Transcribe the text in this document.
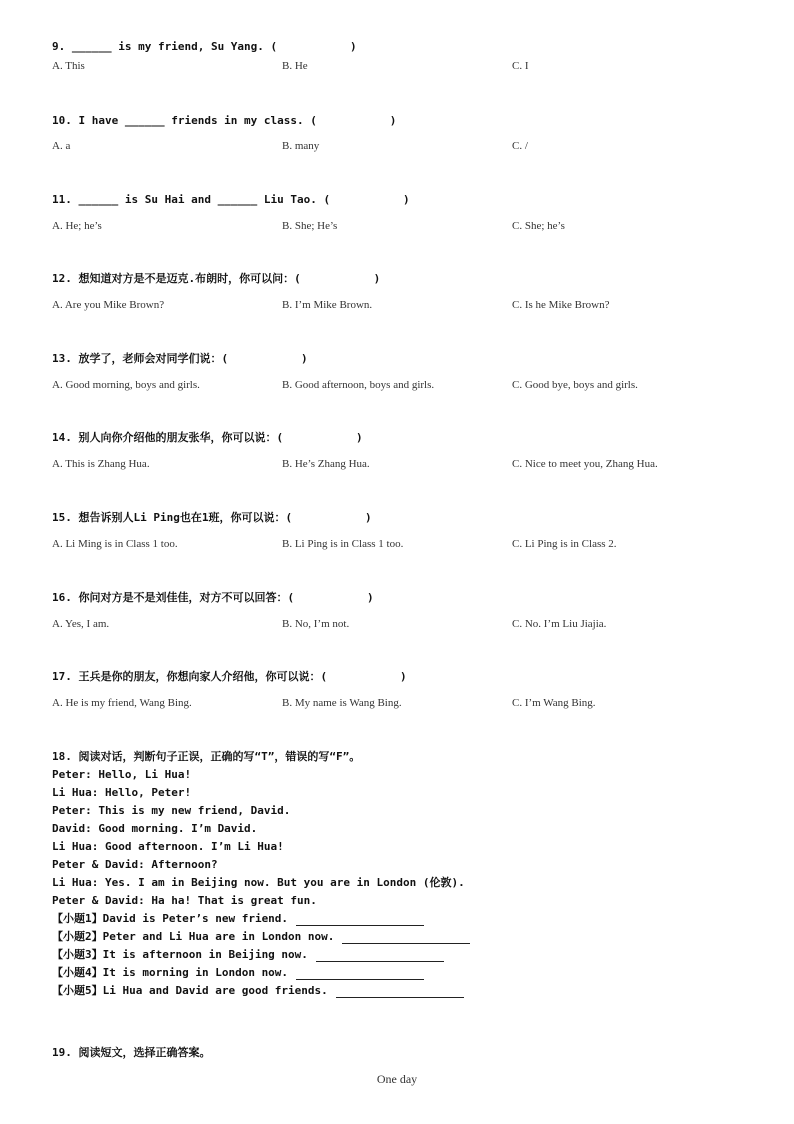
9. ______ is my friend, Su Yang. (           )
A. This	B. He	C. I
10. I have ______ friends in my class. (           )
A. a	B. many	C. /
11. ______ is Su Hai and ______ Liu Tao. (           )
A. He; he’s	B. She; He’s	C. She; he’s
12. 想知道对方是不是迈克.布朗时，你可以问：(           )
A. Are you Mike Brown?	B. I’m Mike Brown.	C. Is he Mike Brown?
13. 放学了，老师会对同学们说：(           )
A. Good morning, boys and girls.	B. Good afternoon, boys and girls.	C. Good bye, boys and girls.
14. 别人向你介绍他的朋友张华，你可以说：(           )
A. This is Zhang Hua.	B. He’s Zhang Hua.	C. Nice to meet you, Zhang Hua.
15. 想告诉别人Li Ping也在1班，你可以说：(           )
A. Li Ming is in Class 1 too.	B. Li Ping is in Class 1 too.	C. Li Ping is in Class 2.
16. 你问对方是不是刘佳佳，对方不可以回答：(           )
A. Yes, I am.	B. No, I’m not.	C. No. I’m Liu Jiajia.
17. 王兵是你的朋友，你想向家人介绍他，你可以说：(           )
A. He is my friend, Wang Bing.	B. My name is Wang Bing.	C. I’m Wang Bing.
18. 阅读对话，判断句子正误，正确的写“T”，错误的写“F”。
Peter: Hello, Li Hua!
Li Hua: Hello, Peter!
Peter: This is my new friend, David.
David: Good morning. I’m David.
Li Hua: Good afternoon. I’m Li Hua!
Peter & David: Afternoon?
Li Hua: Yes. I am in Beijing now. But you are in London (伦敦).
Peter & David: Ha ha! That is great fun.
【小题1】David is Peter’s new friend.
【小题2】Peter and Li Hua are in London now.
【小题3】It is afternoon in Beijing now.
【小题4】It is morning in London now.
【小题5】Li Hua and David are good friends.
19. 阅读短文，选择正确答案。
One day
